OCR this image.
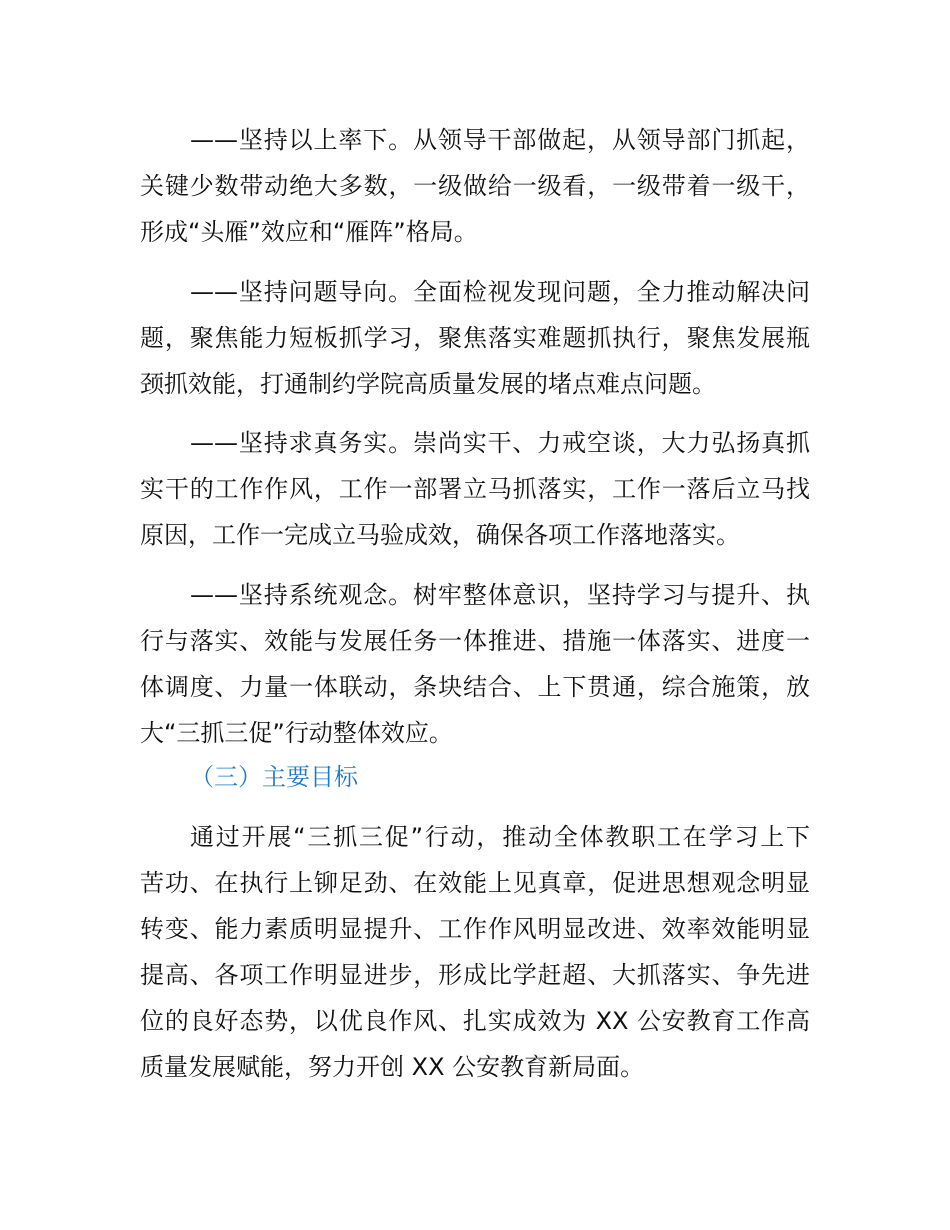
——坚持以上率下。从领导干部做起，从领导部门抓起，
关键少数带动绝大多数，一级做给一级看，一级带着一级干，
形成“头雁”效应和“雁阵”格局。
——坚持问题导向。全面检视发现问题，全力推动解决问
题，聚焦能力短板抓学习，聚焦落实难题抓执行，聚焦发展瓶
颈抓效能，打通制约学院高质量发展的堵点难点问题。
——坚持求真务实。崇尚实干、力戒空谈，大力弘扬真抓
实干的工作作风，工作一部署立马抓落实，工作一落后立马找
原因，工作一完成立马验成效，确保各项工作落地落实。
——坚持系统观念。树牢整体意识，坚持学习与提升、执
行与落实、效能与发展任务一体推进、措施一体落实、进度一
体调度、力量一体联动，条块结合、上下贯通，综合施策，放
大“三抓三促”行动整体效应。
（三）主要目标
通过开展“三抓三促”行动，推动全体教职工在学习上下
苦功、在执行上铆足劲、在效能上见真章，促进思想观念明显
转变、能力素质明显提升、工作作风明显改进、效率效能明显
提高、各项工作明显进步，形成比学赶超、大抓落实、争先进
位的良好态势，以优良作风、扎实成效为 XX 公安教育工作高
质量发展赋能，努力开创 XX 公安教育新局面。
